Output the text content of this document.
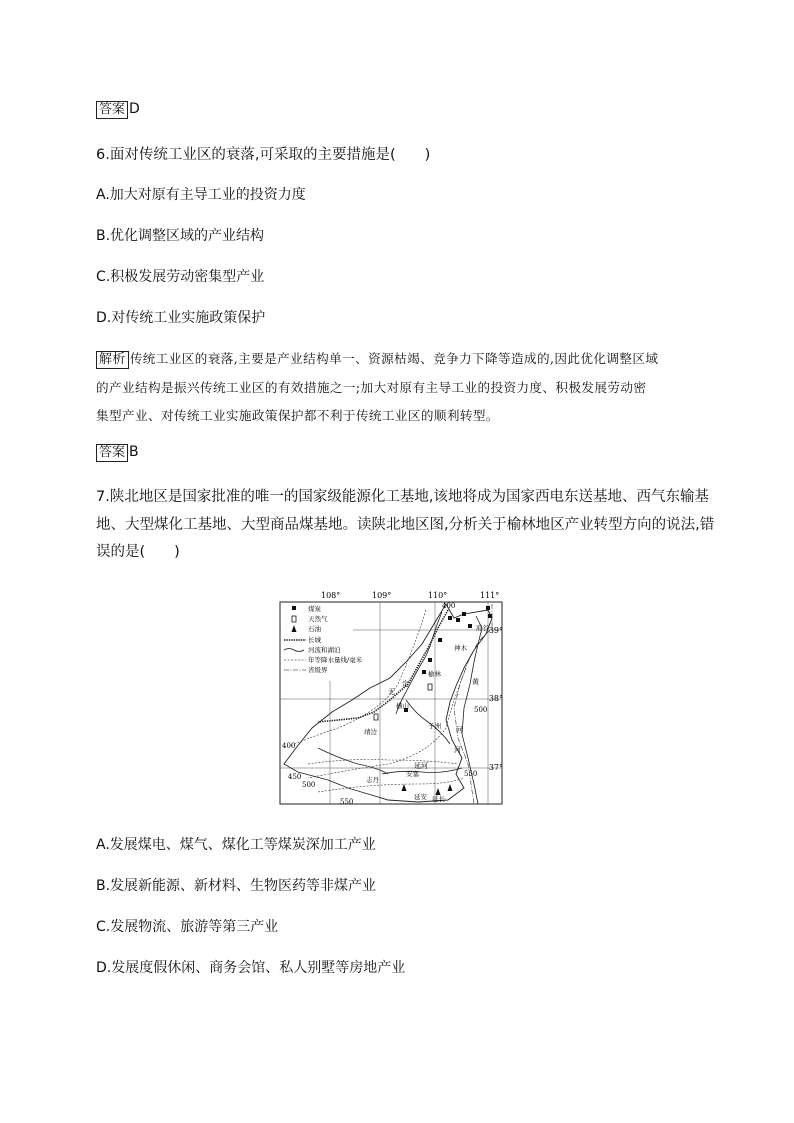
答案 D
6.面对传统工业区的衰落,可采取的主要措施是(　　)
A.加大对原有主导工业的投资力度
B.优化调整区域的产业结构
C.积极发展劳动密集型产业
D.对传统工业实施政策保护
解析 传统工业区的衰落,主要是产业结构单一、资源枯竭、竞争力下降等造成的,因此优化调整区域
的产业结构是振兴传统工业区的有效措施之一;加大对原有主导工业的投资力度、积极发展劳动密
集型产业、对传统工业实施政策保护都不利于传统工业区的顺利转型。
答案 B
7.陕北地区是国家批准的唯一的国家级能源化工基地,该地将成为国家西电东送基地、西气东输基
地、大型煤化工基地、大型商品煤基地。读陕北地区图,分析关于榆林地区产业转型方向的说法,错
误的是(　　)
108°	109°	110°	111°
39°
38°
37°
煤炭
天然气
石油
长城
河流和湖泊
年等降水量线/毫米
省级界
400
500
400
450
500
550
550
神木
府谷
榆林
横山
靖边
子洲
志丹
安塞
延安 延长
无
定
河
黄
河
延河
A.发展煤电、煤气、煤化工等煤炭深加工产业
B.发展新能源、新材料、生物医药等非煤产业
C.发展物流、旅游等第三产业
D.发展度假休闲、商务会馆、私人别墅等房地产业
